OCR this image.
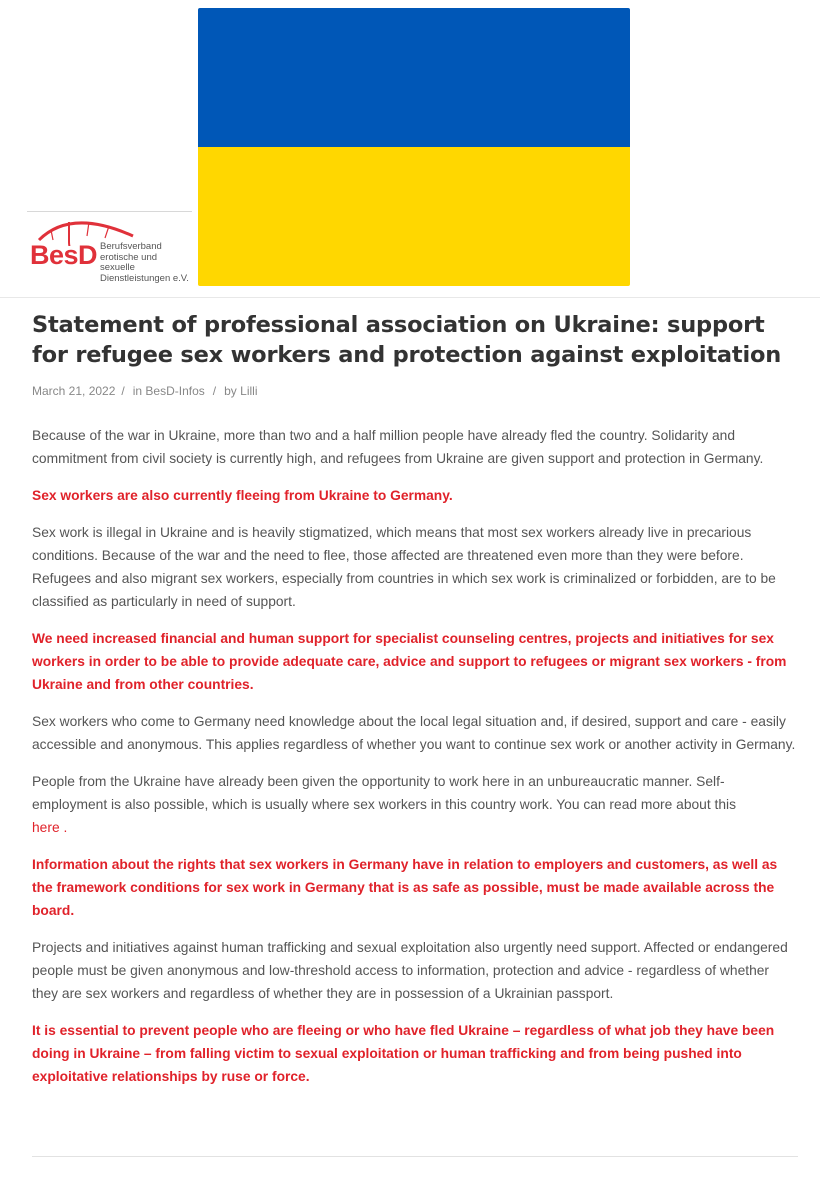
BesD Berufsverband
erotische und sexuelle
Dienstleistungen e.V.
Statement of professional association on Ukraine: support for refugee sex workers and protection against exploitation
March 21, 2022 / in
BesD-Infos / by
Lilli

Because of the war in Ukraine, more than two and a half million people have already fled the country. Solidarity and commitment from civil society is currently high, and refugees from Ukraine are given support and protection in Germany.

Sex workers are also currently fleeing from Ukraine to Germany.

Sex work is illegal in Ukraine and is heavily stigmatized, which means that most sex workers already live in precarious conditions. Because of the war and the need to flee, those affected are threatened even more than they were before. Refugees and also migrant sex workers, especially from countries in which sex work is criminalized or forbidden, are to be classified as particularly in need of support.

We need increased financial and human support for specialist counseling centres, projects and initiatives for sex workers in order to be able to provide adequate care, advice and support to refugees or migrant sex workers - from Ukraine and from other countries.

Sex workers who come to Germany need knowledge about the local legal situation and, if desired, support and care - easily accessible and anonymous. This applies regardless of whether you want to continue sex work or another activity in Germany.

People from the Ukraine have already been given the opportunity to work here in an unbureaucratic manner. Self-employment is also possible, which is usually where sex workers in this country work. You can read more about this
here .

Information about the rights that sex workers in Germany have in relation to employers and customers, as well as the framework conditions for sex work in Germany that is as safe as possible, must be made available across the board.

Projects and initiatives against human trafficking and sexual exploitation also urgently need support. Affected or endangered people must be given anonymous and low-threshold access to information, protection and advice - regardless of whether they are sex workers and regardless of whether they are in possession of a Ukrainian passport.

It is essential to prevent people who are fleeing or who have fled Ukraine – regardless of what job they have been doing in Ukraine – from falling victim to sexual exploitation or human trafficking and from being pushed into exploitative relationships by ruse or force.
